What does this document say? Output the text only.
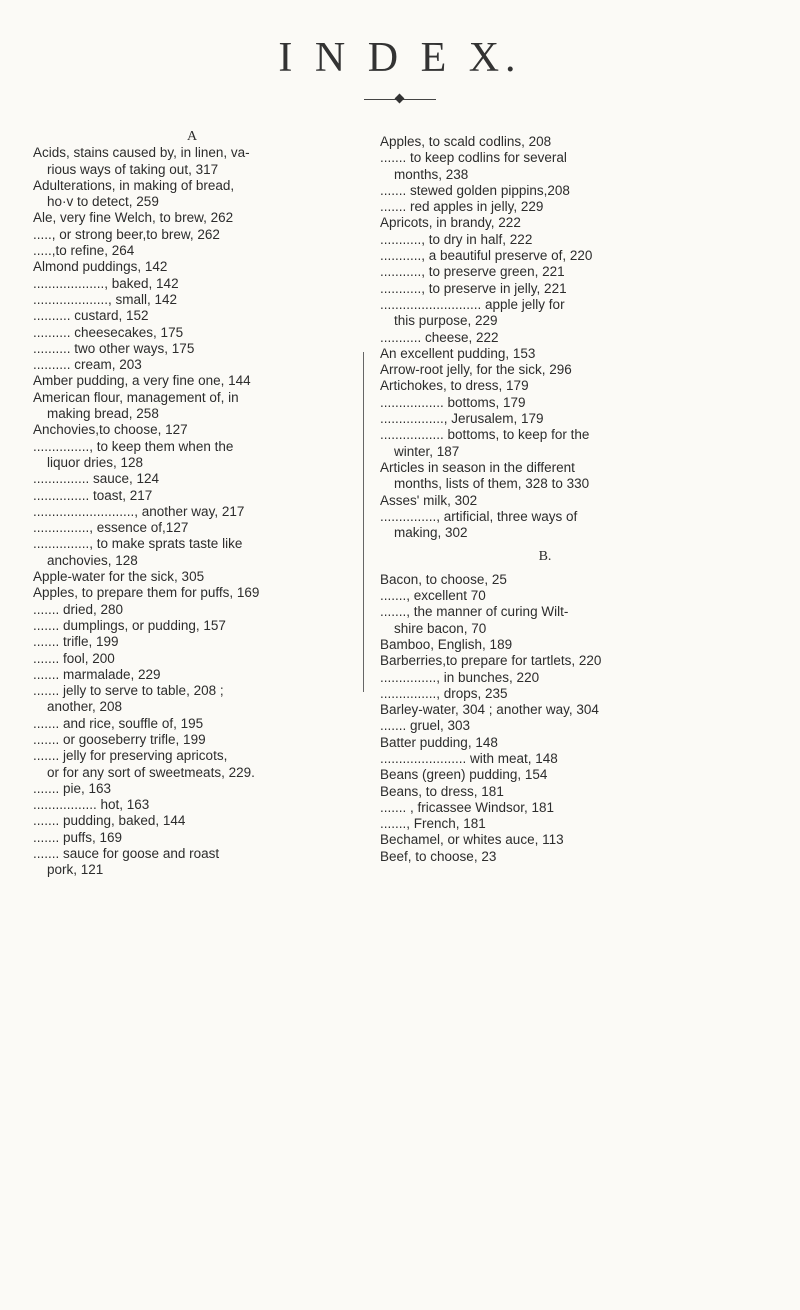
I N D E X.
A
Acids, stains caused by, in linen, va-
rious ways of taking out, 317
Adulterations, in making of bread,
ho·v to detect, 259
Ale, very fine Welch, to brew, 262
....., or strong beer,to brew, 262
.....,to refine, 264
Almond puddings, 142
..................., baked, 142
...................., small, 142
.......... custard, 152
.......... cheesecakes, 175
.......... two other ways, 175
.......... cream, 203
Amber pudding, a very fine one, 144
American flour, management of, in
making bread, 258
Anchovies,to choose, 127
..............., to keep them when the
liquor dries, 128
............... sauce, 124
............... toast, 217
..........................., another way, 217
..............., essence of,127
..............., to make sprats taste like
anchovies, 128
Apple-water for the sick, 305
Apples, to prepare them for puffs, 169
....... dried, 280
....... dumplings, or pudding, 157
....... trifle, 199
....... fool, 200
....... marmalade, 229
....... jelly to serve to table, 208 ;
another, 208
....... and rice, souffle of, 195
....... or gooseberry trifle, 199
....... jelly for preserving apricots,
or for any sort of sweetmeats, 229.
....... pie, 163
................. hot, 163
....... pudding, baked, 144
....... puffs, 169
....... sauce for goose and roast
pork, 121
Apples, to scald codlins, 208
....... to keep codlins for several
months, 238
....... stewed golden pippins,208
....... red apples in jelly, 229
Apricots, in brandy, 222
..........., to dry in half, 222
..........., a beautiful preserve of, 220
..........., to preserve green, 221
..........., to preserve in jelly, 221
........................... apple jelly for
this purpose, 229
........... cheese, 222
An excellent pudding, 153
Arrow-root jelly, for the sick, 296
Artichokes, to dress, 179
................. bottoms, 179
................., Jerusalem, 179
................. bottoms, to keep for the
winter, 187
Articles in season in the different
months, lists of them, 328 to 330
Asses' milk, 302
..............., artificial, three ways of
making, 302
B.
Bacon, to choose, 25
......., excellent 70
......., the manner of curing Wilt-
shire bacon, 70
Bamboo, English, 189
Barberries,to prepare for tartlets, 220
..............., in bunches, 220
..............., drops, 235
Barley-water, 304 ; another way, 304
....... gruel, 303
Batter pudding, 148
....................... with meat, 148
Beans (green) pudding, 154
Beans, to dress, 181
....... , fricassee Windsor, 181
......., French, 181
Bechamel, or whites auce, 113
Beef, to choose, 23
